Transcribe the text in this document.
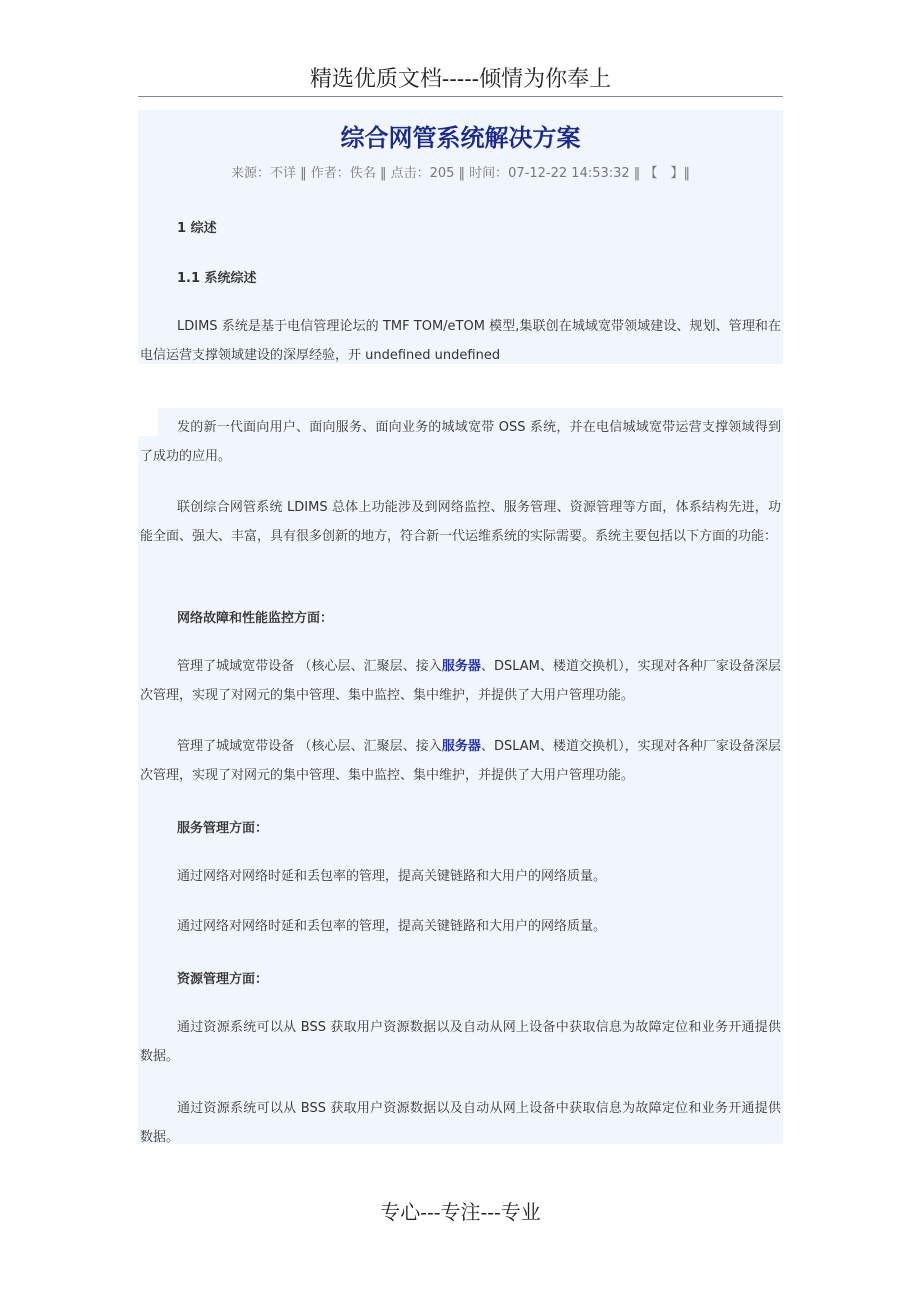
精选优质文档-----倾情为你奉上
综合网管系统解决方案
来源：不详 ‖ 作者：佚名 ‖ 点击：205 ‖ 时间：07-12-22 14:53:32 ‖ 【　】‖
1 综述
1.1 系统综述
LDIMS 系统是基于电信管理论坛的 TMF TOM/eTOM 模型,集联创在城域宽带领域建设、规划、管理和在电信运营支撑领域建设的深厚经验，开 undefined undefined
发的新一代面向用户、面向服务、面向业务的城域宽带 OSS 系统，并在电信城域宽带运营支撑领域得到了成功的应用。
联创综合网管系统 LDIMS 总体上功能涉及到网络监控、服务管理、资源管理等方面，体系结构先进，功能全面、强大、丰富，具有很多创新的地方，符合新一代运维系统的实际需要。系统主要包括以下方面的功能：
网络故障和性能监控方面：
管理了城域宽带设备 （核心层、汇聚层、接入服务器、DSLAM、楼道交换机），实现对各种厂家设备深层次管理，实现了对网元的集中管理、集中监控、集中维护，并提供了大用户管理功能。
管理了城域宽带设备 （核心层、汇聚层、接入服务器、DSLAM、楼道交换机），实现对各种厂家设备深层次管理，实现了对网元的集中管理、集中监控、集中维护，并提供了大用户管理功能。
服务管理方面：
通过网络对网络时延和丢包率的管理，提高关键链路和大用户的网络质量。
通过网络对网络时延和丢包率的管理，提高关键链路和大用户的网络质量。
资源管理方面：
通过资源系统可以从 BSS 获取用户资源数据以及自动从网上设备中获取信息为故障定位和业务开通提供数据。
通过资源系统可以从 BSS 获取用户资源数据以及自动从网上设备中获取信息为故障定位和业务开通提供数据。
专心---专注---专业
